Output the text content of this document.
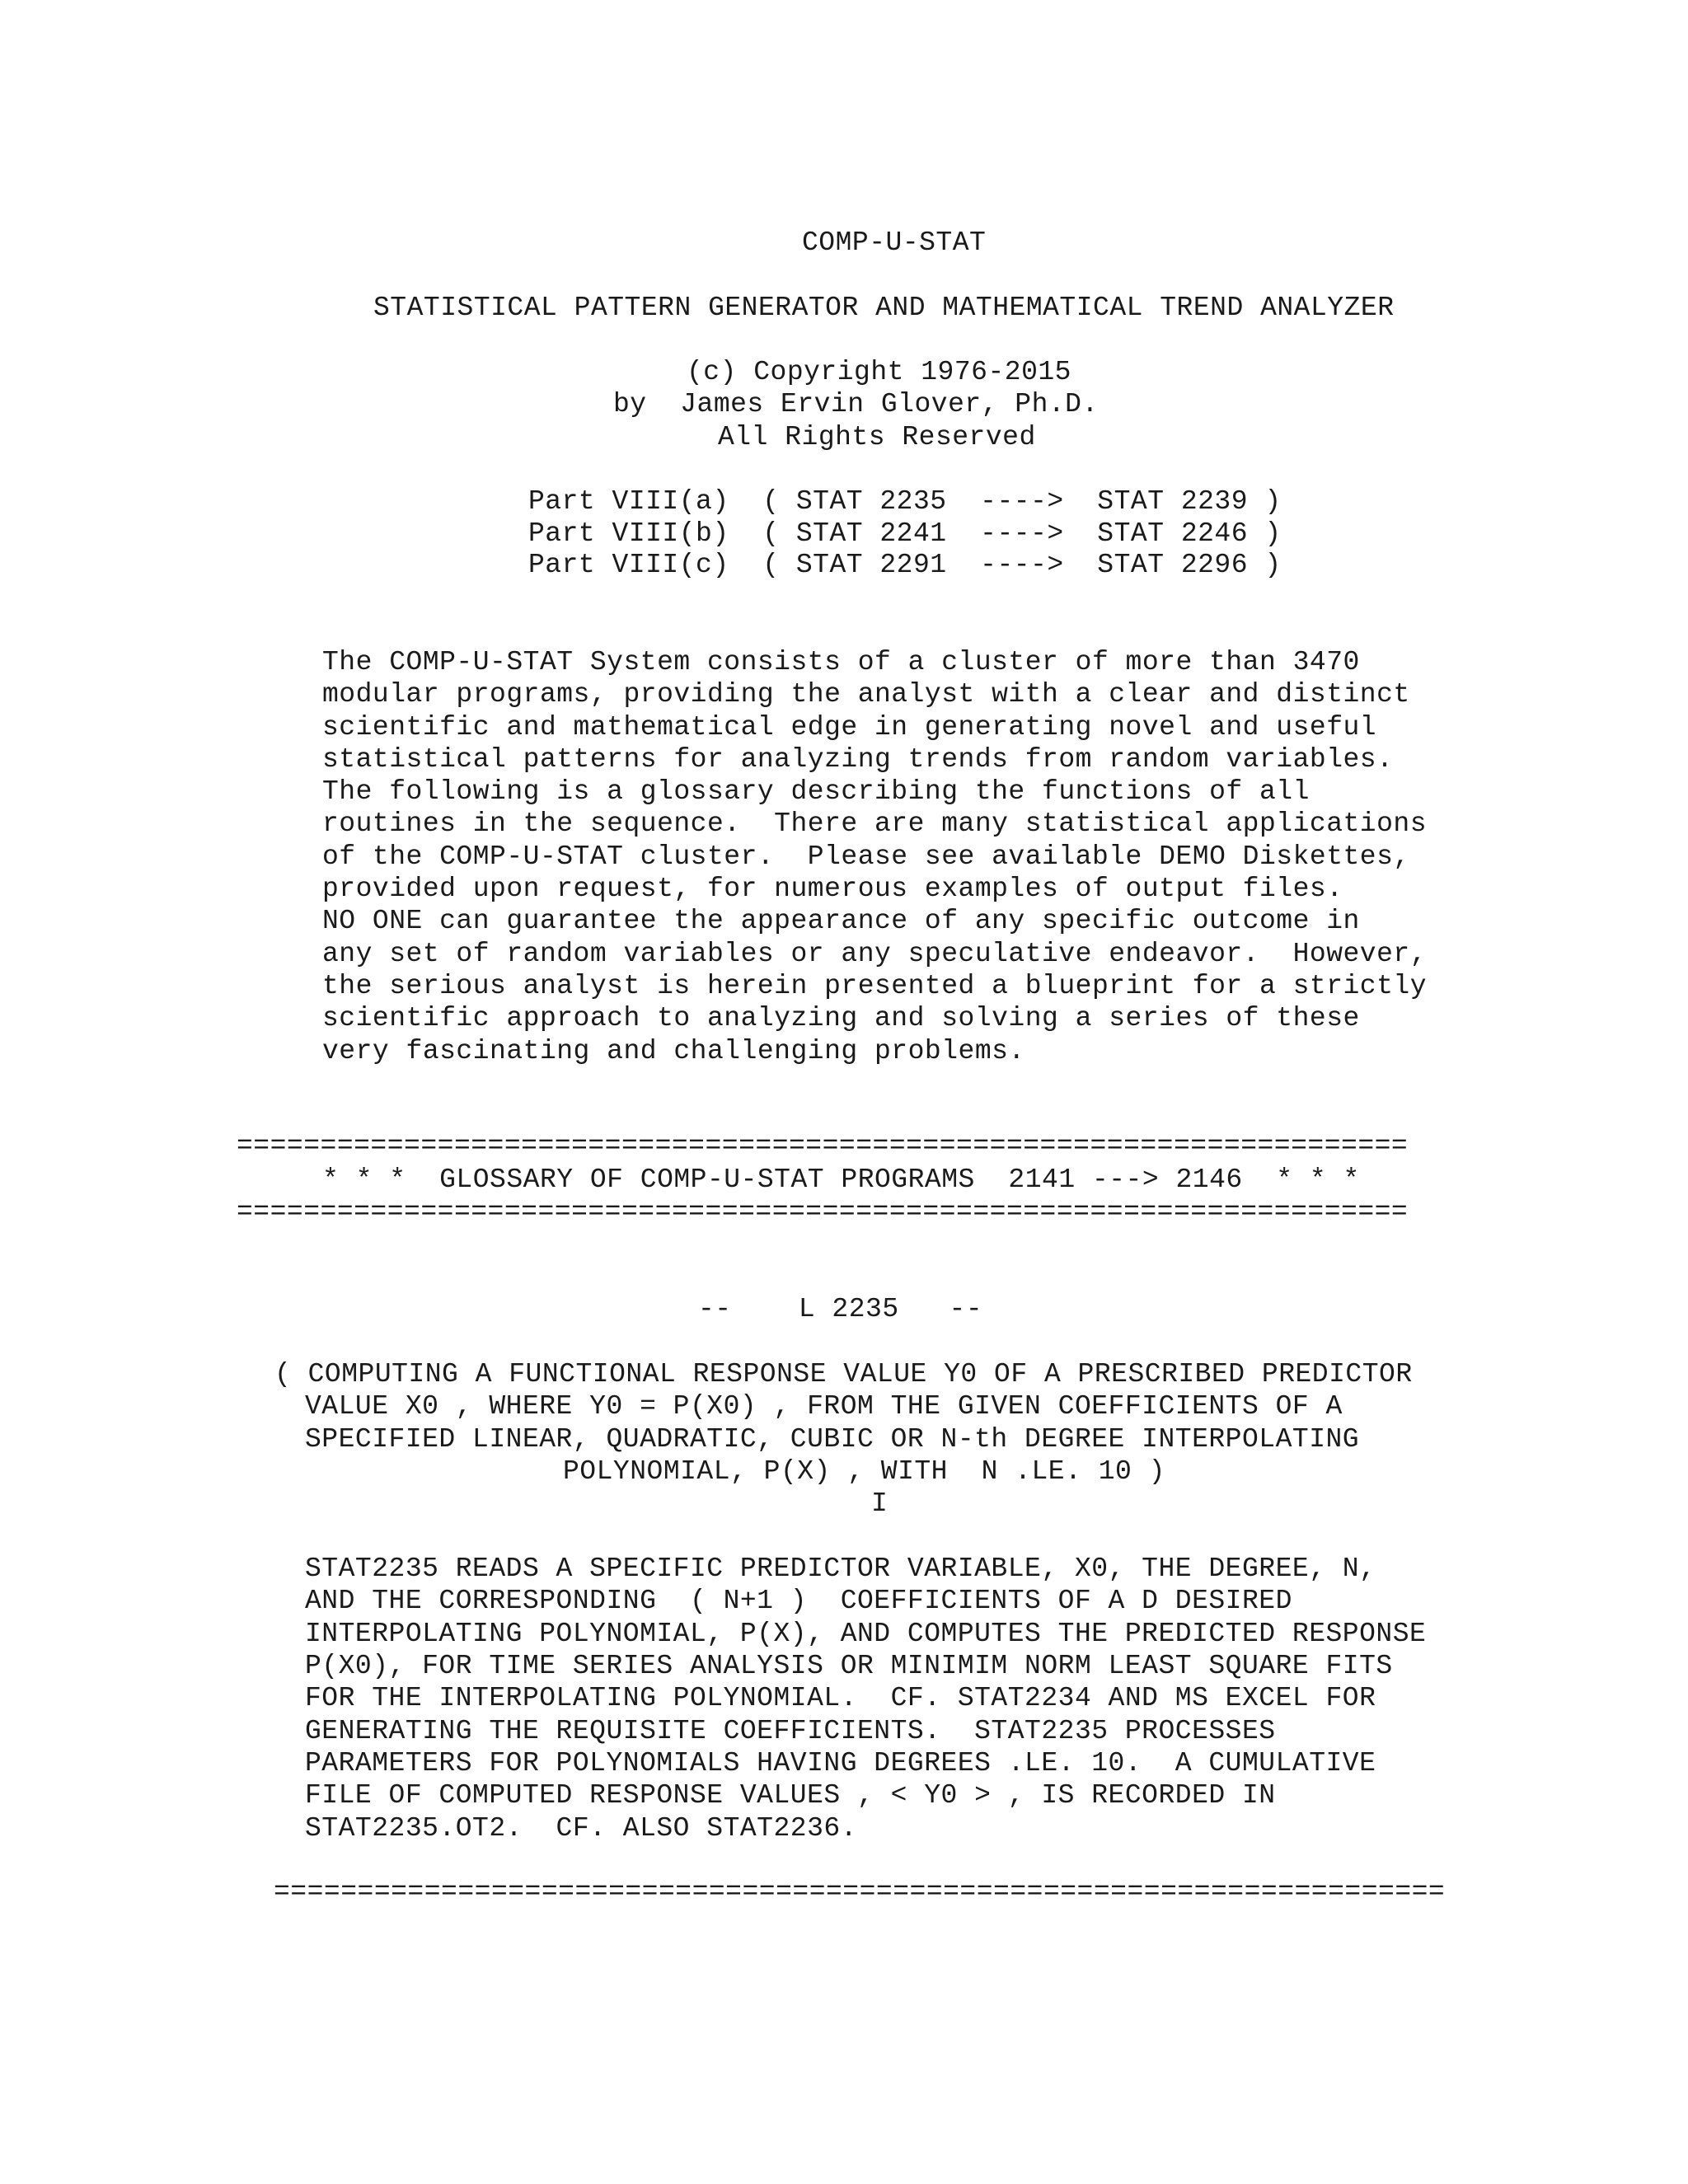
COMP-U-STAT
STATISTICAL PATTERN GENERATOR AND MATHEMATICAL TREND ANALYZER
(c) Copyright 1976-2015
by  James Ervin Glover, Ph.D.
All Rights Reserved
Part VIII(a)  ( STAT 2235  ---->  STAT 2239 )
Part VIII(b)  ( STAT 2241  ---->  STAT 2246 )
Part VIII(c)  ( STAT 2291  ---->  STAT 2296 )
The COMP-U-STAT System consists of a cluster of more than 3470
modular programs, providing the analyst with a clear and distinct
scientific and mathematical edge in generating novel and useful
statistical patterns for analyzing trends from random variables.
The following is a glossary describing the functions of all
routines in the sequence.  There are many statistical applications
of the COMP-U-STAT cluster.  Please see available DEMO Diskettes,
provided upon request, for numerous examples of output files.
NO ONE can guarantee the appearance of any specific outcome in
any set of random variables or any speculative endeavor.  However,
the serious analyst is herein presented a blueprint for a strictly
scientific approach to analyzing and solving a series of these
very fascinating and challenging problems.
======================================================================
* * *  GLOSSARY OF COMP-U-STAT PROGRAMS  2141 ---> 2146  * * *
======================================================================
--    L 2235   --
( COMPUTING A FUNCTIONAL RESPONSE VALUE Y0 OF A PRESCRIBED PREDICTOR
VALUE X0 , WHERE Y0 = P(X0) , FROM THE GIVEN COEFFICIENTS OF A
SPECIFIED LINEAR, QUADRATIC, CUBIC OR N-th DEGREE INTERPOLATING
POLYNOMIAL, P(X) , WITH  N .LE. 10 )
I
STAT2235 READS A SPECIFIC PREDICTOR VARIABLE, X0, THE DEGREE, N,
AND THE CORRESPONDING  ( N+1 )  COEFFICIENTS OF A D DESIRED
INTERPOLATING POLYNOMIAL, P(X), AND COMPUTES THE PREDICTED RESPONSE
P(X0), FOR TIME SERIES ANALYSIS OR MINIMIM NORM LEAST SQUARE FITS
FOR THE INTERPOLATING POLYNOMIAL.  CF. STAT2234 AND MS EXCEL FOR
GENERATING THE REQUISITE COEFFICIENTS.  STAT2235 PROCESSES
PARAMETERS FOR POLYNOMIALS HAVING DEGREES .LE. 10.  A CUMULATIVE
FILE OF COMPUTED RESPONSE VALUES , < Y0 > , IS RECORDED IN
STAT2235.OT2.  CF. ALSO STAT2236.
======================================================================
